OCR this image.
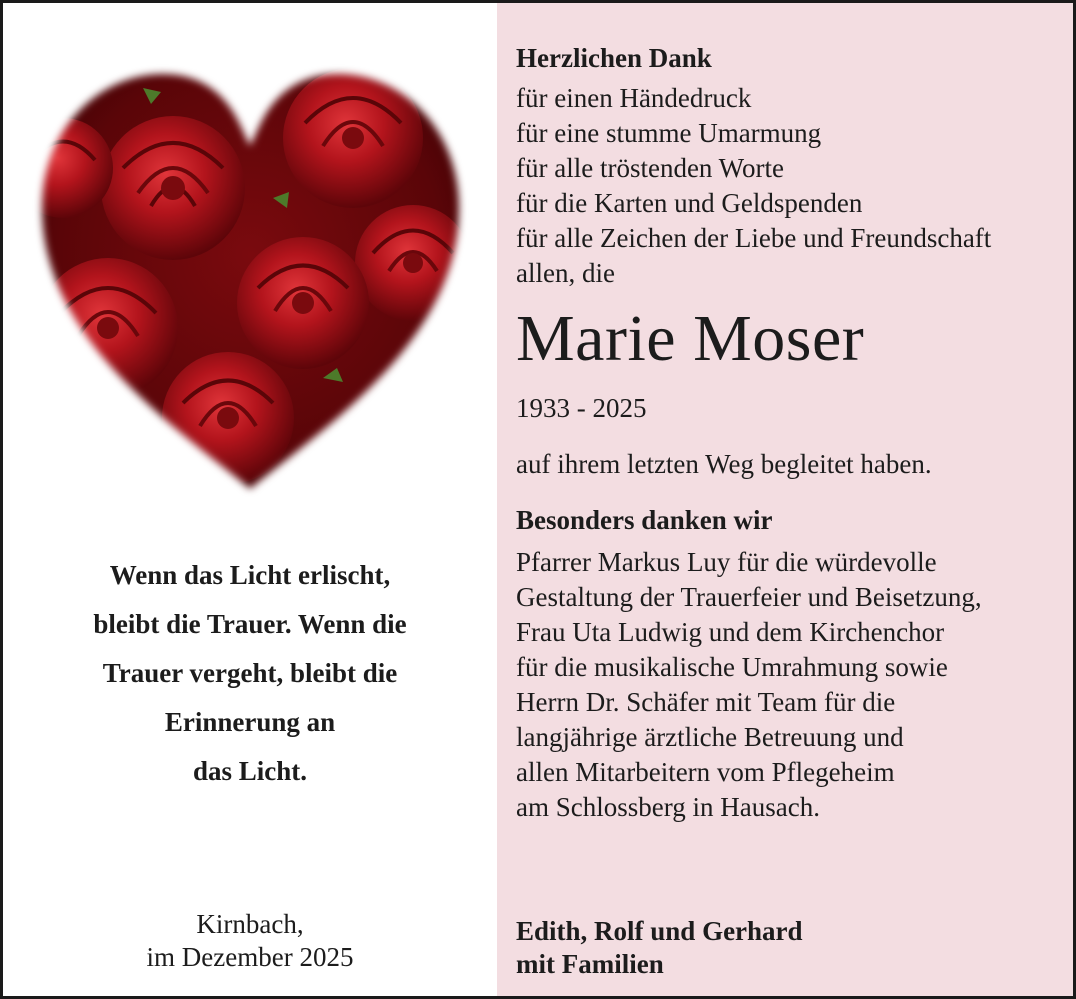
Wenn das Licht erlischt,
bleibt die Trauer. Wenn die
Trauer vergeht, bleibt die
Erinnerung an
das Licht.
Kirnbach,
im Dezember 2025
Herzlichen Dank
für einen Händedruck
für eine stumme Umarmung
für alle tröstenden Worte
für die Karten und Geldspenden
für alle Zeichen der Liebe und Freundschaft
allen, die
Marie Moser
1933 - 2025
auf ihrem letzten Weg begleitet haben.
Besonders danken wir
Pfarrer Markus Luy für die würdevolle
Gestaltung der Trauerfeier und Beisetzung,
Frau Uta Ludwig und dem Kirchenchor
für die musikalische Umrahmung sowie
Herrn Dr. Schäfer mit Team für die
langjährige ärztliche Betreuung und
allen Mitarbeitern vom Pflegeheim
am Schlossberg in Hausach.
Edith, Rolf und Gerhard
mit Familien
